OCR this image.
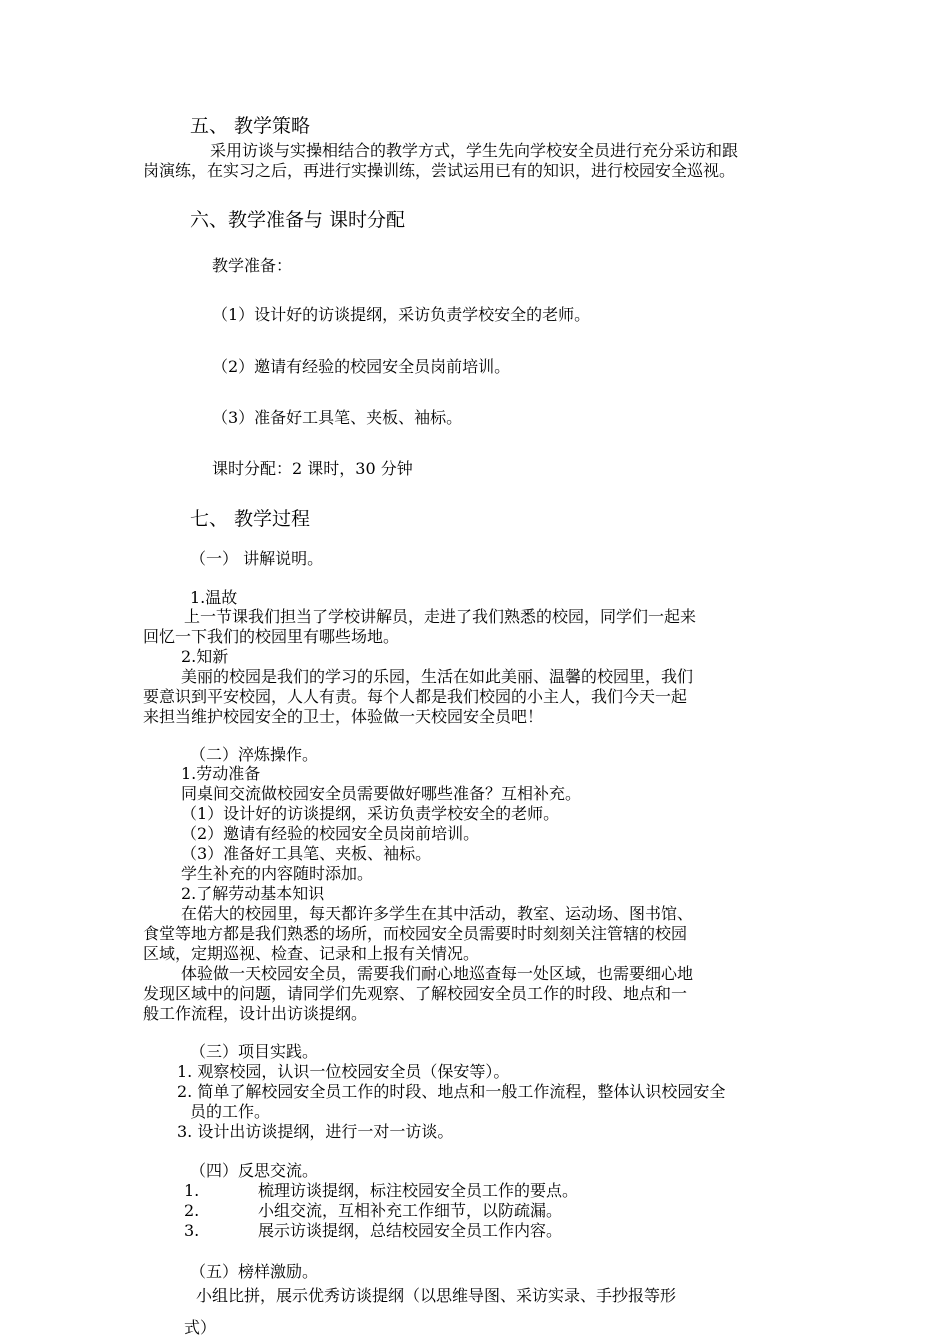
五、 教学策略
采用访谈与实操相结合的教学方式，学生先向学校安全员进行充分采访和跟
岗演练，在实习之后，再进行实操训练，尝试运用已有的知识，进行校园安全巡视。
六、教学准备与 课时分配
教学准备：
（1）设计好的访谈提纲，采访负责学校安全的老师。
（2）邀请有经验的校园安全员岗前培训。
（3）准备好工具笔、夹板、袖标。
课时分配：2 课时，30 分钟
七、 教学过程
（一） 讲解说明。
1.温故
上一节课我们担当了学校讲解员，走进了我们熟悉的校园，同学们一起来
回忆一下我们的校园里有哪些场地。
2.知新
美丽的校园是我们的学习的乐园，生活在如此美丽、温馨的校园里，我们
要意识到平安校园，人人有责。每个人都是我们校园的小主人，我们今天一起
来担当维护校园安全的卫士，体验做一天校园安全员吧！
（二）淬炼操作。
1.劳动准备
同桌间交流做校园安全员需要做好哪些准备？互相补充。
（1）设计好的访谈提纲，采访负责学校安全的老师。
（2）邀请有经验的校园安全员岗前培训。
（3）准备好工具笔、夹板、袖标。
学生补充的内容随时添加。
2.了解劳动基本知识
在偌大的校园里，每天都许多学生在其中活动，教室、运动场、图书馆、
食堂等地方都是我们熟悉的场所，而校园安全员需要时时刻刻关注管辖的校园
区域，定期巡视、检查、记录和上报有关情况。
体验做一天校园安全员，需要我们耐心地巡查每一处区域，也需要细心地
发现区域中的问题，请同学们先观察、了解校园安全员工作的时段、地点和一
般工作流程，设计出访谈提纲。
（三）项目实践。
1. 观察校园，认识一位校园安全员（保安等）。
2. 简单了解校园安全员工作的时段、地点和一般工作流程，整体认识校园安全
员的工作。
3. 设计出访谈提纲，进行一对一访谈。
（四）反思交流。
1.	梳理访谈提纲，标注校园安全员工作的要点。
2.	小组交流，互相补充工作细节，以防疏漏。
3.	展示访谈提纲，总结校园安全员工作内容。
（五）榜样激励。
小组比拼，展示优秀访谈提纲（以思维导图、采访实录、手抄报等形
式）
